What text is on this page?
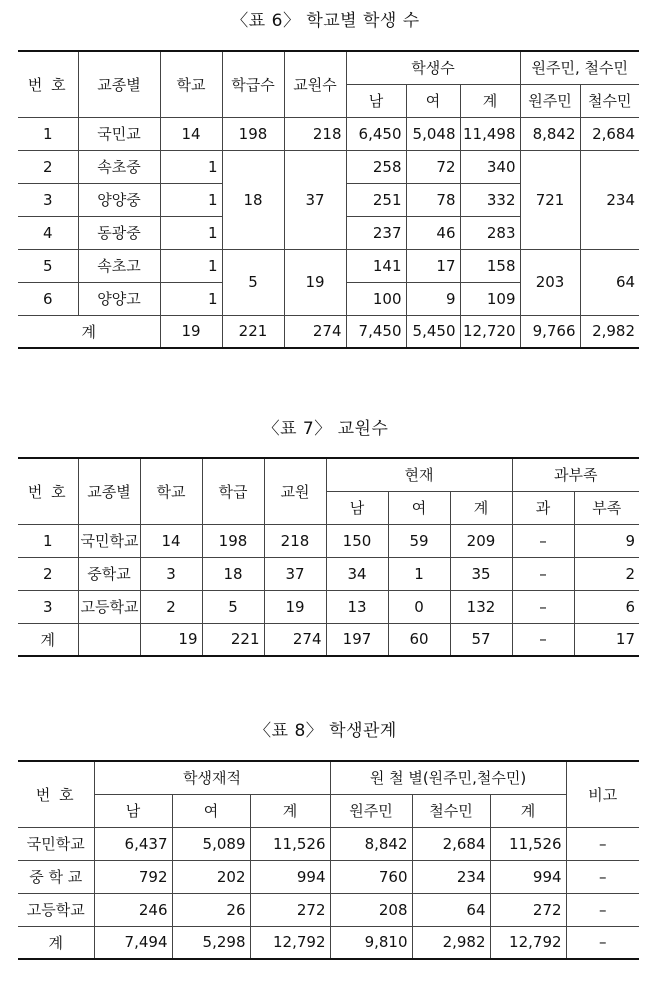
〈표 6〉 학교별 학생 수
번 호	교종별	학교	학급수	교원수	학생수			원주민, 철수민	
					남	여	계	원주민	철수민
1	국민교	14	198	218	6,450	5,048	11,498	8,842	2,684
2	속초중	1	18	37	258	72	340	721	234
3	양양중	1			251	78	332		
4	동광중	1			237	46	283		
5	속초고	1	5	19	141	17	158	203	64
6	양양고	1			100	9	109		
계		19	221	274	7,450	5,450	12,720	9,766	2,982
〈표 7〉 교원수
번 호	교종별	학교	학급	교원	현재			과부족	
					남	여	계	과	부족
1	국민학교	14	198	218	150	59	209	–	9
2	중학교	3	18	37	34	1	35	–	2
3	고등학교	2	5	19	13	0	132	–	6
계		19	221	274	197	60	57	–	17
〈표 8〉 학생관계
번 호	학생재적			원 철 별(원주민,철수민)			비고
	남	여	계	원주민	철수민	계	
국민학교	6,437	5,089	11,526	8,842	2,684	11,526	–
중 학 교	792	202	994	760	234	994	–
고등학교	246	26	272	208	64	272	–
계	7,494	5,298	12,792	9,810	2,982	12,792	–
